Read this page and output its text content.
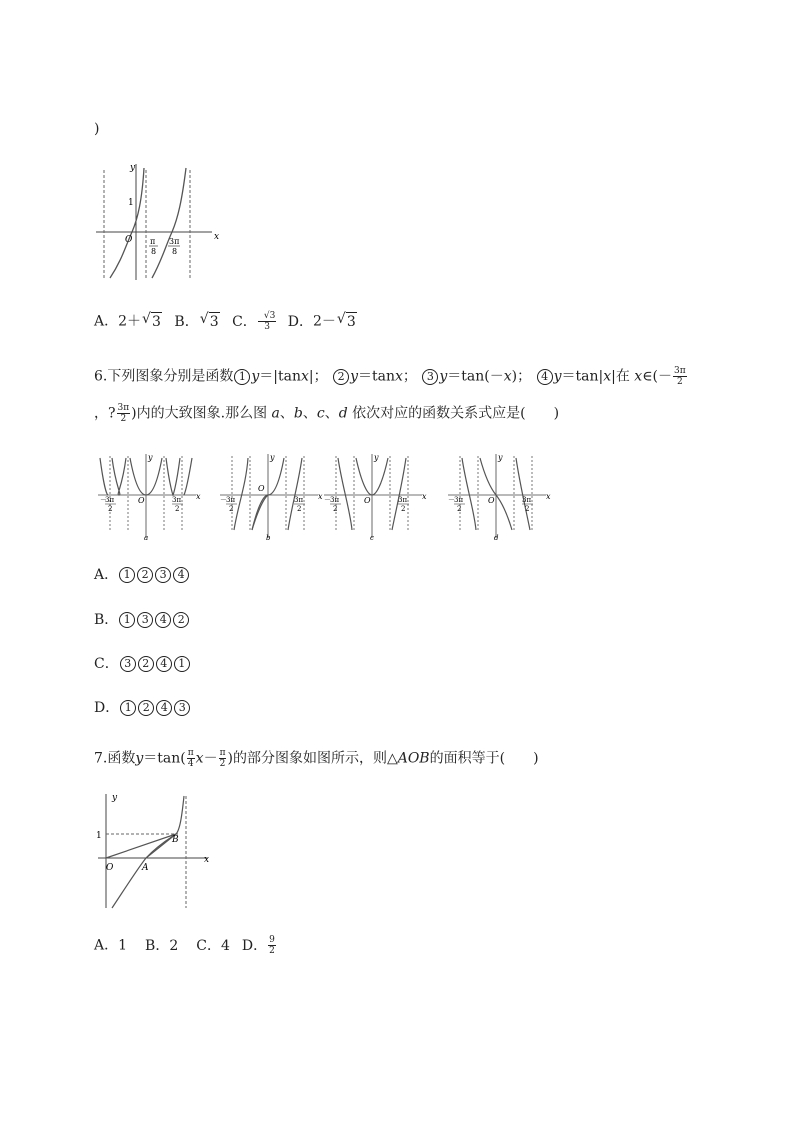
)
y
x
1
O π
8
3π
8
A．2＋ √ 3 B． √ 3 C． $\frac{√3}{3}$ D．2－ √ 3
6.下列图象分别是函数 1 y＝|tanx|； 2 y＝tanx； 3 y＝tan(－x)； 4 y＝tan|x|在 x∈(－ $\frac{3\pi}{2}$
，? $\frac{3\pi}{2}$ )内的大致图象.那么图 a、b、c、d 依次对应的函数关系式应是(　　)
y
x
O
－
3π
2
3π
2
a
y
x
O
－ 3π
2
3π
2
b
y
x
O
－ 3π
2
3π
2
c
y
x
O
－ 3π
2
3π
2
d
A． 1 2 3 4
B． 1 3 4 2
C． 3 2 4 1
D． 1 2 4 3
7.函数$y=\tan( \frac{\pi}{4} x- \frac{\pi}{2}$ )的部分图象如图所示，则△AOB的面积等于(　　)
y
x
1
O	A
B
A．1 B．2 C．4 D． $\frac{9}{2}$
